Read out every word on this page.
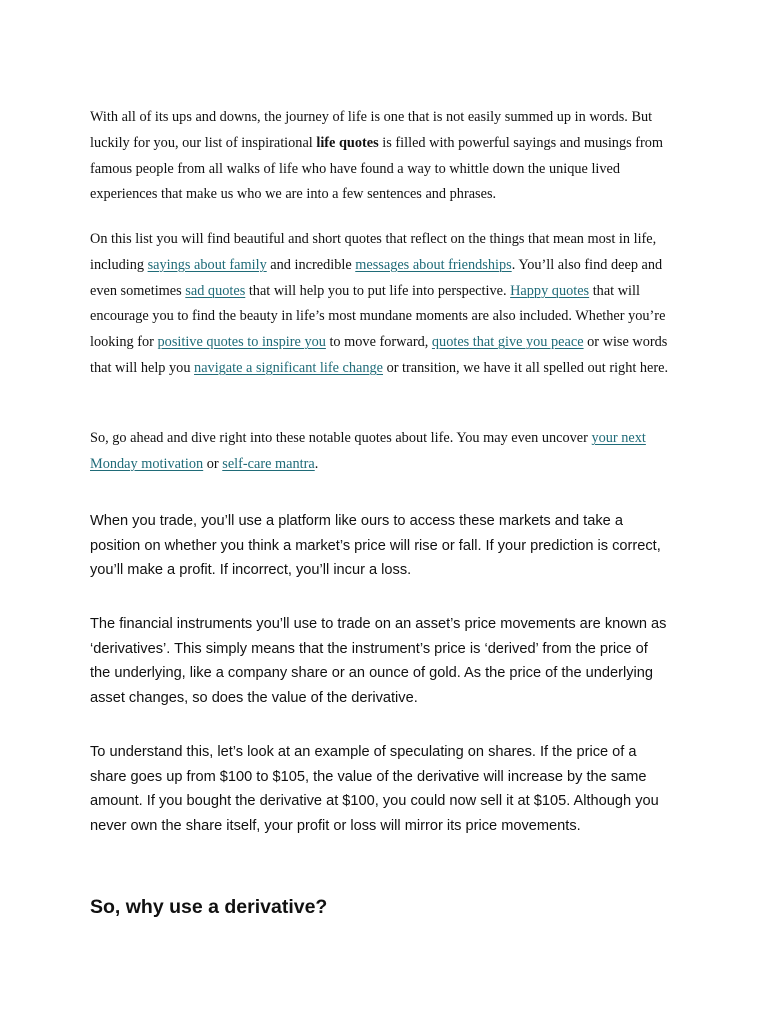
With all of its ups and downs, the journey of life is one that is not easily summed up in words. But luckily for you, our list of inspirational life quotes is filled with powerful sayings and musings from famous people from all walks of life who have found a way to whittle down the unique lived experiences that make us who we are into a few sentences and phrases.

On this list you will find beautiful and short quotes that reflect on the things that mean most in life, including sayings about family and incredible messages about friendships. You’ll also find deep and even sometimes sad quotes that will help you to put life into perspective. Happy quotes that will encourage you to find the beauty in life’s most mundane moments are also included. Whether you’re looking for positive quotes to inspire you to move forward, quotes that give you peace or wise words that will help you navigate a significant life change or transition, we have it all spelled out right here.

So, go ahead and dive right into these notable quotes about life. You may even uncover your next Monday motivation or self-care mantra.

When you trade, you’ll use a platform like ours to access these markets and take a position on whether you think a market’s price will rise or fall. If your prediction is correct, you’ll make a profit. If incorrect, you’ll incur a loss.

The financial instruments you’ll use to trade on an asset’s price movements are known as ‘derivatives’. This simply means that the instrument’s price is ‘derived’ from the price of the underlying, like a company share or an ounce of gold. As the price of the underlying asset changes, so does the value of the derivative.

To understand this, let’s look at an example of speculating on shares. If the price of a share goes up from $100 to $105, the value of the derivative will increase by the same amount. If you bought the derivative at $100, you could now sell it at $105. Although you never own the share itself, your profit or loss will mirror its price movements.

So, why use a derivative?
